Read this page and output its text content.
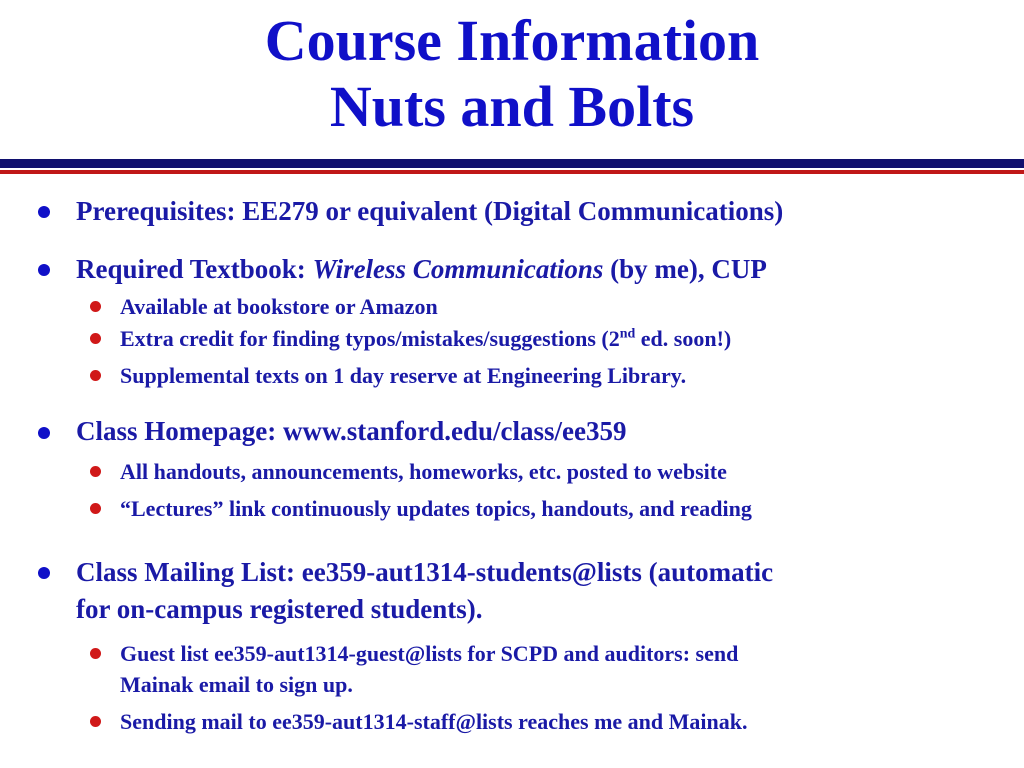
Course Information
Nuts and Bolts
Prerequisites: EE279 or equivalent (Digital Communications)
Required Textbook: Wireless Communications (by me), CUP
Available at bookstore or Amazon
Extra credit for finding typos/mistakes/suggestions (2nd ed. soon!)
Supplemental texts on 1 day reserve at Engineering Library.
Class Homepage: www.stanford.edu/class/ee359
All handouts, announcements, homeworks, etc. posted to website
“Lectures” link continuously updates topics, handouts, and reading
Class Mailing List: ee359-aut1314-students@lists (automatic
for on-campus registered students).
Guest list ee359-aut1314-guest@lists for SCPD and auditors: send
Mainak email to sign up.
Sending mail to ee359-aut1314-staff@lists reaches me and Mainak.
